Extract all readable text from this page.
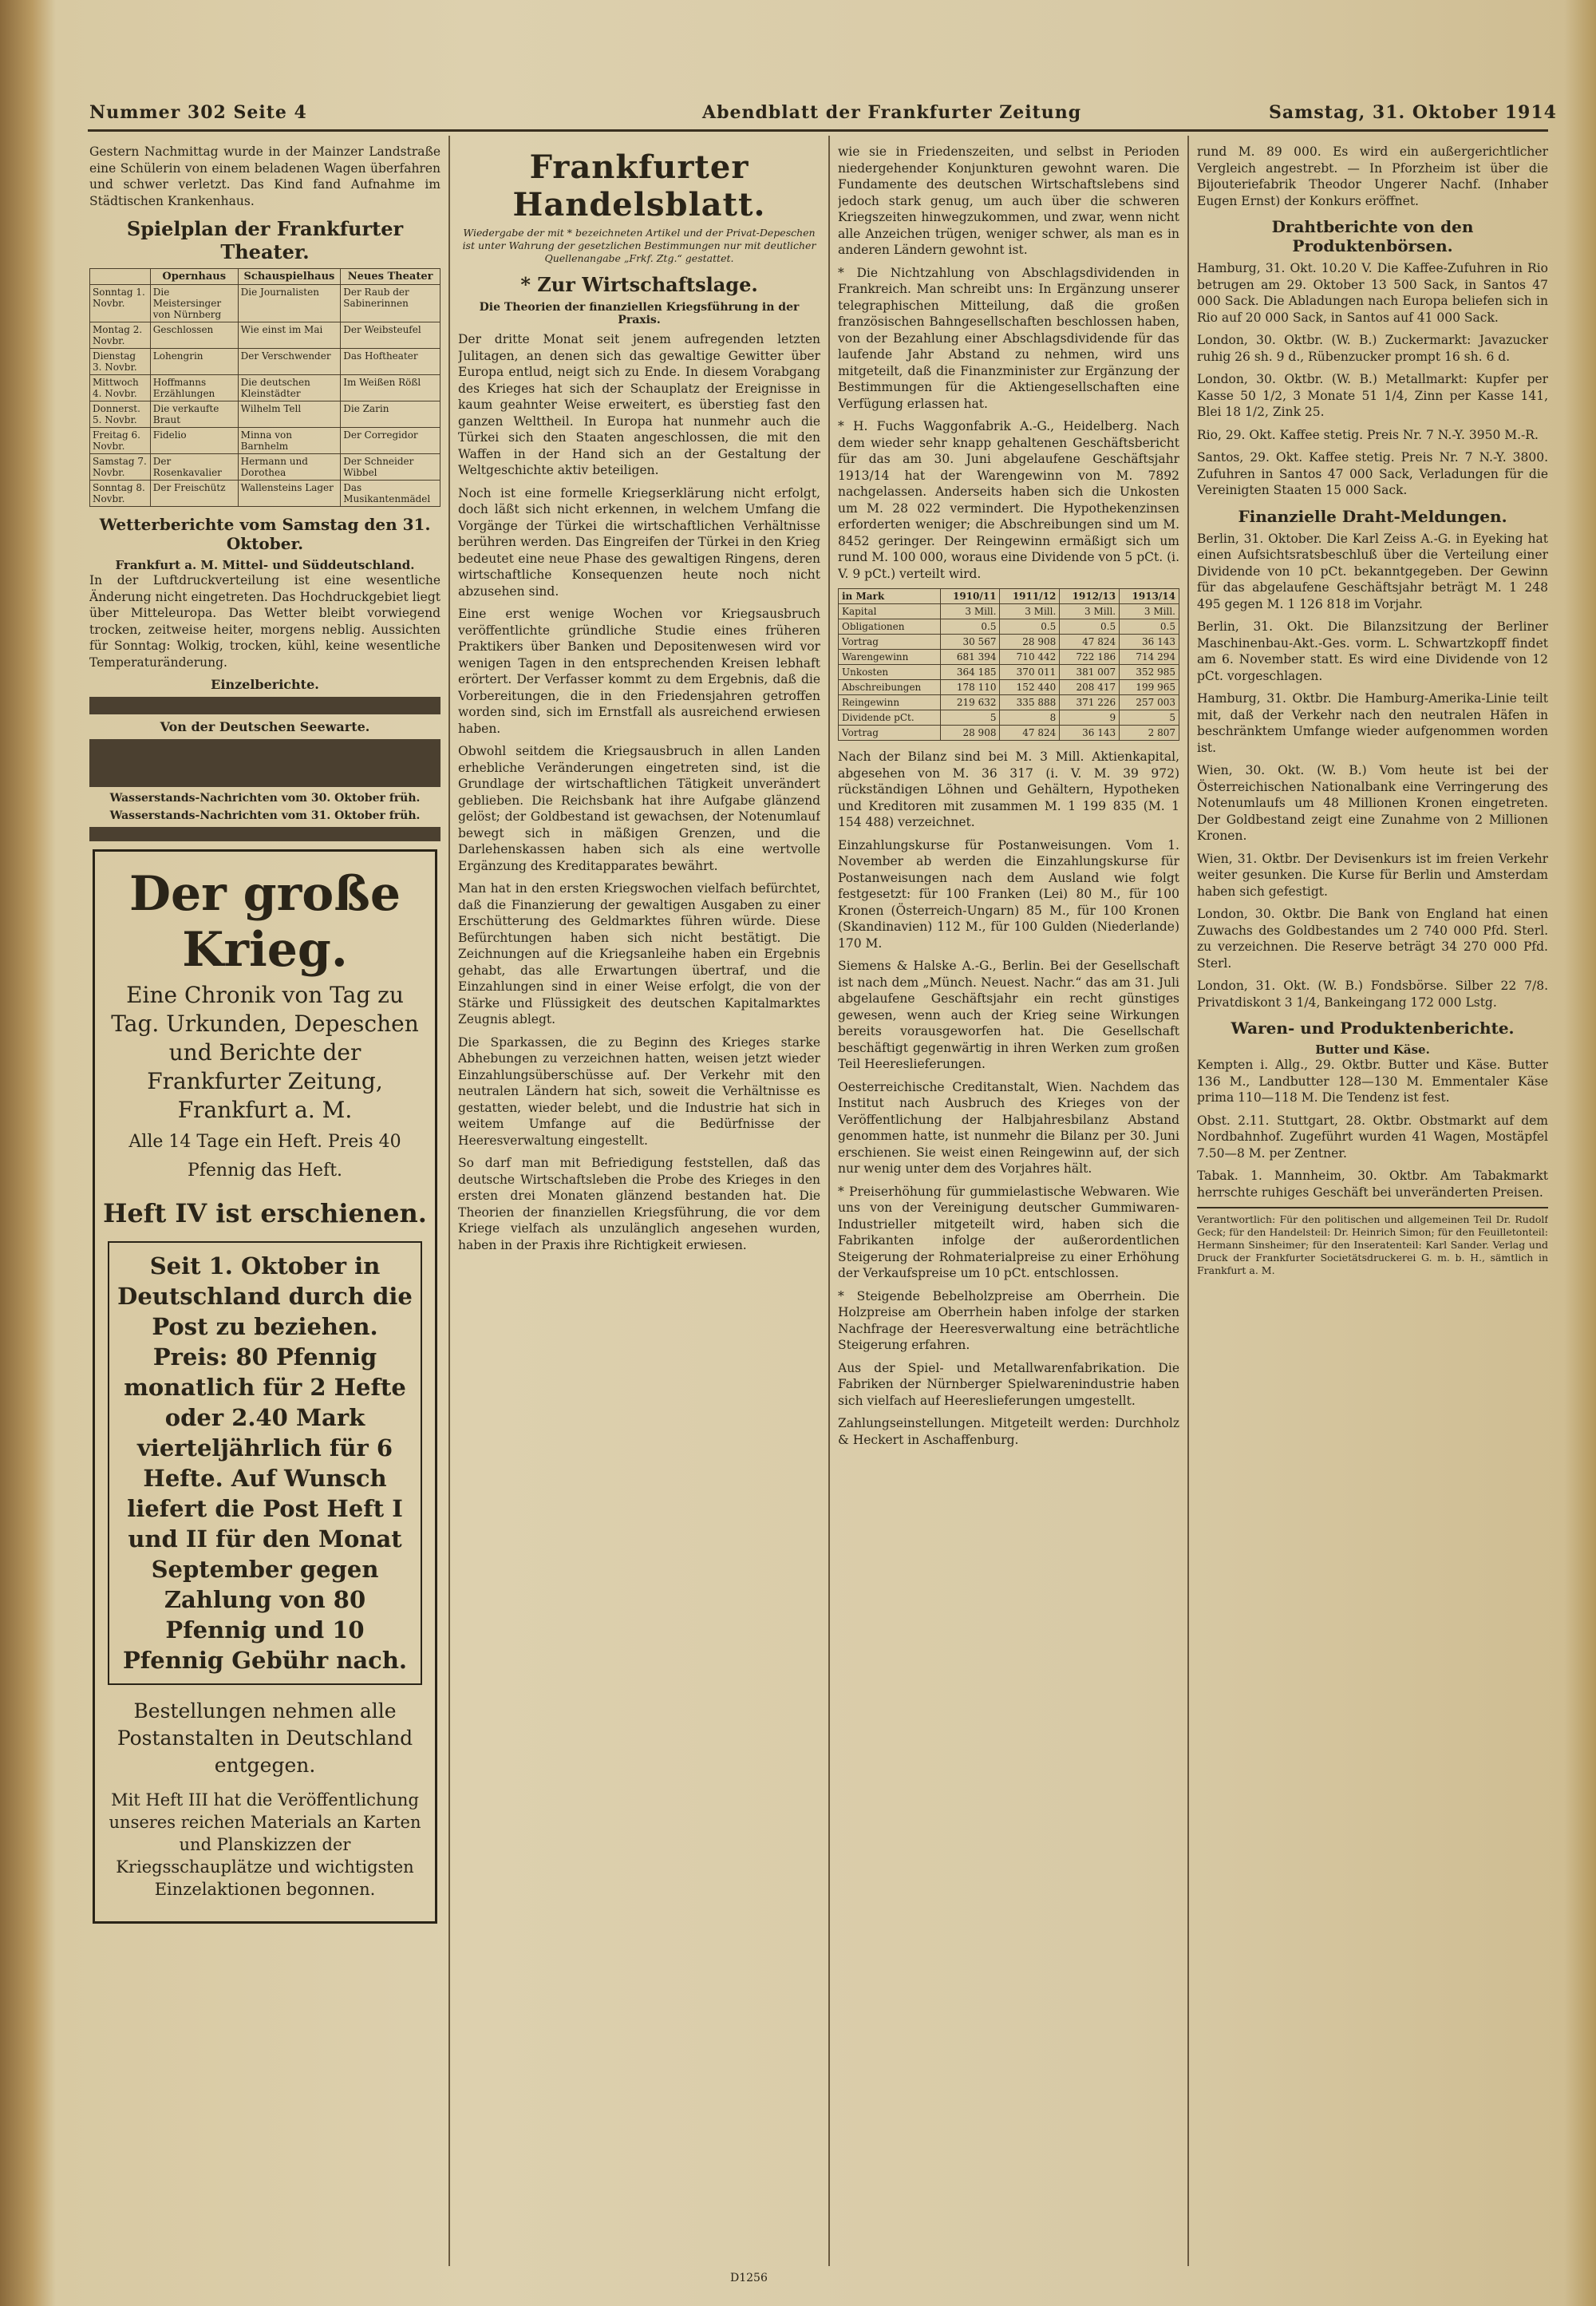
Nummer 302 Seite 4	Abendblatt der Frankfurter Zeitung	Samstag, 31. Oktober 1914

Gestern Nachmittag wurde in der Mainzer Landstraße eine Schülerin von einem beladenen Wagen überfahren und schwer verletzt. Das Kind fand Aufnahme im Städtischen Krankenhaus.

Spielplan der Frankfurter Theater.
	Opernhaus	Schauspielhaus	Neues Theater
Sonntag 1. Novbr.	Die Meistersinger von Nürnberg	Die Journalisten	Der Raub der Sabinerinnen
Montag 2. Novbr.	Geschlossen	Wie einst im Mai	Der Weibsteufel
Dienstag 3. Novbr.	Lohengrin	Der Verschwender	Das Hoftheater
Mittwoch 4. Novbr.	Hoffmanns Erzählungen	Die deutschen Kleinstädter	Im Weißen Rößl
Donnerst. 5. Novbr.	Die verkaufte Braut	Wilhelm Tell	Die Zarin
Freitag 6. Novbr.	Fidelio	Minna von Barnhelm	Der Corregidor
Samstag 7. Novbr.	Der Rosenkavalier	Hermann und Dorothea	Der Schneider Wibbel
Sonntag 8. Novbr.	Der Freischütz	Wallensteins Lager	Das Musikantenmädel
Wetterberichte vom Samstag den 31. Oktober.
Frankfurt a. M. Mittel- und Süddeutschland.

In der Luftdruckverteilung ist eine wesentliche Änderung nicht eingetreten. Das Hochdruckgebiet liegt über Mitteleuropa. Das Wetter bleibt vorwiegend trocken, zeitweise heiter, morgens neblig. Aussichten für Sonntag: Wolkig, trocken, kühl, keine wesentliche Temperaturänderung.

Einzelberichte.
Von der Deutschen Seewarte.
Wasserstands-Nachrichten vom 30. Oktober früh.
Wasserstands-Nachrichten vom 31. Oktober früh.
Der große Krieg.
Eine Chronik von Tag zu Tag. Urkunden, Depeschen und Berichte der Frankfurter Zeitung, Frankfurt a. M.
Alle 14 Tage ein Heft. Preis 40 Pfennig das Heft.
Heft IV ist erschienen.
Seit 1. Oktober in Deutschland durch die Post zu beziehen. Preis: 80 Pfennig monatlich für 2 Hefte oder 2.40 Mark vierteljährlich für 6 Hefte. Auf Wunsch liefert die Post Heft I und II für den Monat September gegen Zahlung von 80 Pfennig und 10 Pfennig Gebühr nach.
Bestellungen nehmen alle Postanstalten in Deutschland entgegen.
Mit Heft III hat die Veröffentlichung unseres reichen Materials an Karten und Planskizzen der Kriegsschauplätze und wichtigsten Einzelaktionen begonnen.
Frankfurter Handelsblatt.

Wiedergabe der mit * bezeichneten Artikel und der Privat-Depeschen ist unter Wahrung der gesetzlichen Bestimmungen nur mit deutlicher Quellenangabe „Frkf. Ztg.“ gestattet.

* Zur Wirtschaftslage.
Die Theorien der finanziellen Kriegsführung in der Praxis.

Der dritte Monat seit jenem aufregenden letzten Julitagen, an denen sich das gewaltige Gewitter über Europa entlud, neigt sich zu Ende. In diesem Vorabgang des Krieges hat sich der Schauplatz der Ereignisse in kaum geahnter Weise erweitert, es überstieg fast den ganzen Welttheil. In Europa hat nunmehr auch die Türkei sich den Staaten angeschlossen, die mit den Waffen in der Hand sich an der Gestaltung der Weltgeschichte aktiv beteiligen.

Noch ist eine formelle Kriegserklärung nicht erfolgt, doch läßt sich nicht erkennen, in welchem Umfang die Vorgänge der Türkei die wirtschaftlichen Verhältnisse berühren werden. Das Eingreifen der Türkei in den Krieg bedeutet eine neue Phase des gewaltigen Ringens, deren wirtschaftliche Konsequenzen heute noch nicht abzusehen sind.

Eine erst wenige Wochen vor Kriegsausbruch veröffentlichte gründliche Studie eines früheren Praktikers über Banken und Depositenwesen wird vor wenigen Tagen in den entsprechenden Kreisen lebhaft erörtert. Der Verfasser kommt zu dem Ergebnis, daß die Vorbereitungen, die in den Friedensjahren getroffen worden sind, sich im Ernstfall als ausreichend erwiesen haben.

Obwohl seitdem die Kriegsausbruch in allen Landen erhebliche Veränderungen eingetreten sind, ist die Grundlage der wirtschaftlichen Tätigkeit unverändert geblieben. Die Reichsbank hat ihre Aufgabe glänzend gelöst; der Goldbestand ist gewachsen, der Notenumlauf bewegt sich in mäßigen Grenzen, und die Darlehenskassen haben sich als eine wertvolle Ergänzung des Kreditapparates bewährt.

Man hat in den ersten Kriegswochen vielfach befürchtet, daß die Finanzierung der gewaltigen Ausgaben zu einer Erschütterung des Geldmarktes führen würde. Diese Befürchtungen haben sich nicht bestätigt. Die Zeichnungen auf die Kriegsanleihe haben ein Ergebnis gehabt, das alle Erwartungen übertraf, und die Einzahlungen sind in einer Weise erfolgt, die von der Stärke und Flüssigkeit des deutschen Kapitalmarktes Zeugnis ablegt.

Die Sparkassen, die zu Beginn des Krieges starke Abhebungen zu verzeichnen hatten, weisen jetzt wieder Einzahlungsüberschüsse auf. Der Verkehr mit den neutralen Ländern hat sich, soweit die Verhältnisse es gestatten, wieder belebt, und die Industrie hat sich in weitem Umfange auf die Bedürfnisse der Heeresverwaltung eingestellt.

So darf man mit Befriedigung feststellen, daß das deutsche Wirtschaftsleben die Probe des Krieges in den ersten drei Monaten glänzend bestanden hat. Die Theorien der finanziellen Kriegsführung, die vor dem Kriege vielfach als unzulänglich angesehen wurden, haben in der Praxis ihre Richtigkeit erwiesen.

wie sie in Friedenszeiten, und selbst in Perioden niedergehender Konjunkturen gewohnt waren. Die Fundamente des deutschen Wirtschaftslebens sind jedoch stark genug, um auch über die schweren Kriegszeiten hinwegzukommen, und zwar, wenn nicht alle Anzeichen trügen, weniger schwer, als man es in anderen Ländern gewohnt ist.

* Die Nichtzahlung von Abschlagsdividenden in Frankreich. Man schreibt uns: In Ergänzung unserer telegraphischen Mitteilung, daß die großen französischen Bahngesellschaften beschlossen haben, von der Bezahlung einer Abschlagsdividende für das laufende Jahr Abstand zu nehmen, wird uns mitgeteilt, daß die Finanzminister zur Ergänzung der Bestimmungen für die Aktiengesellschaften eine Verfügung erlassen hat.

* H. Fuchs Waggonfabrik A.-G., Heidelberg. Nach dem wieder sehr knapp gehaltenen Geschäftsbericht für das am 30. Juni abgelaufene Geschäftsjahr 1913/14 hat der Warengewinn von M. 7892 nachgelassen. Anderseits haben sich die Unkosten um M. 28 022 vermindert. Die Hypothekenzinsen erforderten weniger; die Abschreibungen sind um M. 8452 geringer. Der Reingewinn ermäßigt sich um rund M. 100 000, woraus eine Dividende von 5 pCt. (i. V. 9 pCt.) verteilt wird.

in Mark	1910/11	1911/12	1912/13	1913/14
Kapital	3 Mill.	3 Mill.	3 Mill.	3 Mill.
Obligationen	0.5	0.5	0.5	0.5
Vortrag	30 567	28 908	47 824	36 143
Warengewinn	681 394	710 442	722 186	714 294
Unkosten	364 185	370 011	381 007	352 985
Abschreibungen	178 110	152 440	208 417	199 965
Reingewinn	219 632	335 888	371 226	257 003
Dividende pCt.	5	8	9	5
Vortrag	28 908	47 824	36 143	2 807

Nach der Bilanz sind bei M. 3 Mill. Aktienkapital, abgesehen von M. 36 317 (i. V. M. 39 972) rückständigen Löhnen und Gehältern, Hypotheken und Kreditoren mit zusammen M. 1 199 835 (M. 1 154 488) verzeichnet.

Einzahlungskurse für Postanweisungen. Vom 1. November ab werden die Einzahlungskurse für Postanweisungen nach dem Ausland wie folgt festgesetzt: für 100 Franken (Lei) 80 M., für 100 Kronen (Österreich-Ungarn) 85 M., für 100 Kronen (Skandinavien) 112 M., für 100 Gulden (Niederlande) 170 M.

Siemens & Halske A.-G., Berlin. Bei der Gesellschaft ist nach dem „Münch. Neuest. Nachr.“ das am 31. Juli abgelaufene Geschäftsjahr ein recht günstiges gewesen, wenn auch der Krieg seine Wirkungen bereits vorausgeworfen hat. Die Gesellschaft beschäftigt gegenwärtig in ihren Werken zum großen Teil Heereslieferungen.

Oesterreichische Creditanstalt, Wien. Nachdem das Institut nach Ausbruch des Krieges von der Veröffentlichung der Halbjahresbilanz Abstand genommen hatte, ist nunmehr die Bilanz per 30. Juni erschienen. Sie weist einen Reingewinn auf, der sich nur wenig unter dem des Vorjahres hält.

* Preiserhöhung für gummielastische Webwaren. Wie uns von der Vereinigung deutscher Gummiwaren-Industrieller mitgeteilt wird, haben sich die Fabrikanten infolge der außerordentlichen Steigerung der Rohmaterialpreise zu einer Erhöhung der Verkaufspreise um 10 pCt. entschlossen.

* Steigende Bebelholzpreise am Oberrhein. Die Holzpreise am Oberrhein haben infolge der starken Nachfrage der Heeresverwaltung eine beträchtliche Steigerung erfahren.

Aus der Spiel- und Metallwarenfabrikation. Die Fabriken der Nürnberger Spielwarenindustrie haben sich vielfach auf Heereslieferungen umgestellt.

Zahlungseinstellungen. Mitgeteilt werden: Durchholz & Heckert in Aschaffenburg.

rund M. 89 000. Es wird ein außergerichtlicher Vergleich angestrebt. — In Pforzheim ist über die Bijouteriefabrik Theodor Ungerer Nachf. (Inhaber Eugen Ernst) der Konkurs eröffnet.

Drahtberichte von den Produktenbörsen.

Hamburg, 31. Okt. 10.20 V. Die Kaffee-Zufuhren in Rio betrugen am 29. Oktober 13 500 Sack, in Santos 47 000 Sack. Die Abladungen nach Europa beliefen sich in Rio auf 20 000 Sack, in Santos auf 41 000 Sack.

London, 30. Oktbr. (W. B.) Zuckermarkt: Javazucker ruhig 26 sh. 9 d., Rübenzucker prompt 16 sh. 6 d.

London, 30. Oktbr. (W. B.) Metallmarkt: Kupfer per Kasse 50 1/2, 3 Monate 51 1/4, Zinn per Kasse 141, Blei 18 1/2, Zink 25.

Rio, 29. Okt. Kaffee stetig. Preis Nr. 7 N.-Y. 3950 M.-R.

Santos, 29. Okt. Kaffee stetig. Preis Nr. 7 N.-Y. 3800. Zufuhren in Santos 47 000 Sack, Verladungen für die Vereinigten Staaten 15 000 Sack.

Finanzielle Draht-Meldungen.

Berlin, 31. Oktober. Die Karl Zeiss A.-G. in Eyeking hat einen Aufsichtsratsbeschluß über die Verteilung einer Dividende von 10 pCt. bekanntgegeben. Der Gewinn für das abgelaufene Geschäftsjahr beträgt M. 1 248 495 gegen M. 1 126 818 im Vorjahr.

Berlin, 31. Okt. Die Bilanzsitzung der Berliner Maschinenbau-Akt.-Ges. vorm. L. Schwartzkopff findet am 6. November statt. Es wird eine Dividende von 12 pCt. vorgeschlagen.

Hamburg, 31. Oktbr. Die Hamburg-Amerika-Linie teilt mit, daß der Verkehr nach den neutralen Häfen in beschränktem Umfange wieder aufgenommen worden ist.

Wien, 30. Okt. (W. B.) Vom heute ist bei der Österreichischen Nationalbank eine Verringerung des Notenumlaufs um 48 Millionen Kronen eingetreten. Der Goldbestand zeigt eine Zunahme von 2 Millionen Kronen.

Wien, 31. Oktbr. Der Devisenkurs ist im freien Verkehr weiter gesunken. Die Kurse für Berlin und Amsterdam haben sich gefestigt.

London, 30. Oktbr. Die Bank von England hat einen Zuwachs des Goldbestandes um 2 740 000 Pfd. Sterl. zu verzeichnen. Die Reserve beträgt 34 270 000 Pfd. Sterl.

London, 31. Okt. (W. B.) Fondsbörse. Silber 22 7/8. Privatdiskont 3 1/4, Bankeingang 172 000 Lstg.

Waren- und Produktenberichte.
Butter und Käse.

Kempten i. Allg., 29. Oktbr. Butter und Käse. Butter 136 M., Landbutter 128—130 M. Emmentaler Käse prima 110—118 M. Die Tendenz ist fest.

Obst. 2.11. Stuttgart, 28. Oktbr. Obstmarkt auf dem Nordbahnhof. Zugeführt wurden 41 Wagen, Mostäpfel 7.50—8 M. per Zentner.

Tabak. 1. Mannheim, 30. Oktbr. Am Tabakmarkt herrschte ruhiges Geschäft bei unveränderten Preisen.

Verantwortlich: Für den politischen und allgemeinen Teil Dr. Rudolf Geck; für den Handelsteil: Dr. Heinrich Simon; für den Feuilletonteil: Hermann Sinsheimer; für den Inseratenteil: Karl Sander. Verlag und Druck der Frankfurter Societätsdruckerei G. m. b. H., sämtlich in Frankfurt a. M.

D1256
